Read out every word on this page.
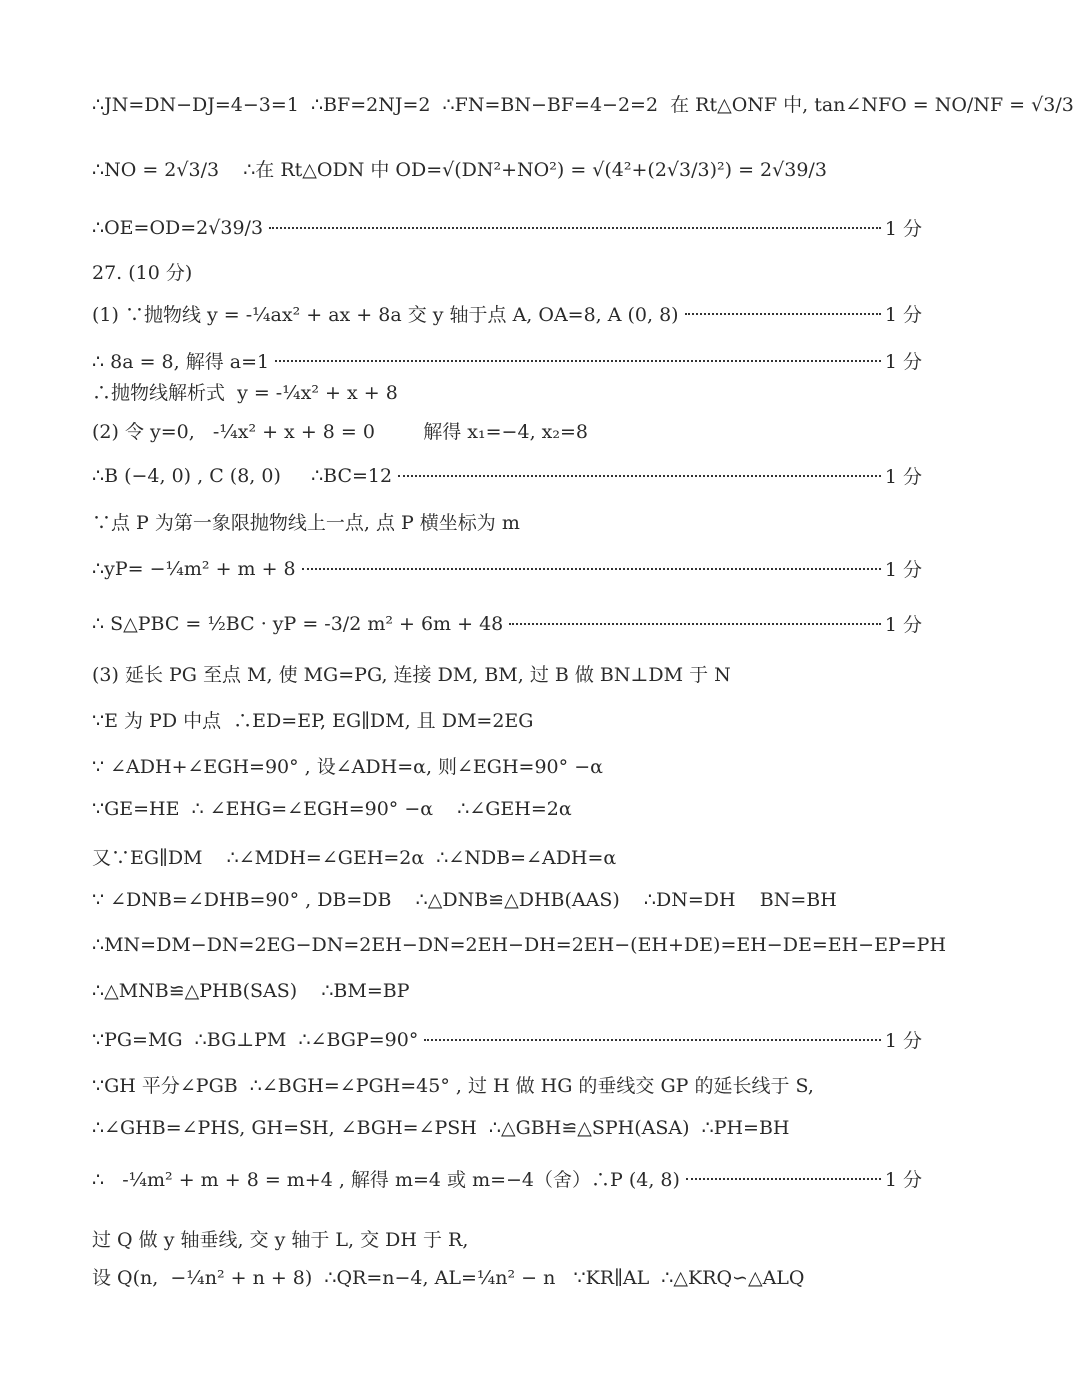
∴JN=DN−DJ=4−3=1  ∴BF=2NJ=2  ∴FN=BN−BF=4−2=2  在 Rt△ONF 中, tan∠NFO = NO/NF = √3/3
∴NO = 2√3/3    ∴在 Rt△ODN 中 OD=√(DN²+NO²) = √(4²+(2√3/3)²) = 2√39/3
∴OE=OD=2√39/3	1 分
27. (10 分)
(1) ∵抛物线 y = -¼ax² + ax + 8a 交 y 轴于点 A, OA=8, A (0, 8)	1 分
∴ 8a = 8, 解得 a=1	1 分
∴抛物线解析式  y = -¼x² + x + 8
(2) 令 y=0,   -¼x² + x + 8 = 0        解得 x₁=−4, x₂=8
∴B (−4, 0) , C (8, 0)     ∴BC=12	1 分
∵点 P 为第一象限抛物线上一点, 点 P 横坐标为 m
∴yP= −¼m² + m + 8	1 分
∴ S△PBC = ½BC · yP = -3/2 m² + 6m + 48	1 分
(3) 延长 PG 至点 M, 使 MG=PG, 连接 DM, BM, 过 B 做 BN⊥DM 于 N
∵E 为 PD 中点  ∴ED=EP, EG∥DM, 且 DM=2EG
∵ ∠ADH+∠EGH=90° , 设∠ADH=α, 则∠EGH=90° −α
∵GE=HE  ∴ ∠EHG=∠EGH=90° −α    ∴∠GEH=2α
又∵EG∥DM    ∴∠MDH=∠GEH=2α  ∴∠NDB=∠ADH=α
∵ ∠DNB=∠DHB=90° , DB=DB    ∴△DNB≌△DHB(AAS)    ∴DN=DH    BN=BH
∴MN=DM−DN=2EG−DN=2EH−DN=2EH−DH=2EH−(EH+DE)=EH−DE=EH−EP=PH
∴△MNB≌△PHB(SAS)    ∴BM=BP
∵PG=MG  ∴BG⊥PM  ∴∠BGP=90°	1 分
∵GH 平分∠PGB  ∴∠BGH=∠PGH=45° , 过 H 做 HG 的垂线交 GP 的延长线于 S,
∴∠GHB=∠PHS, GH=SH, ∠BGH=∠PSH  ∴△GBH≌△SPH(ASA)  ∴PH=BH
∴   -¼m² + m + 8 = m+4 , 解得 m=4 或 m=−4（舍）∴P (4, 8)	1 分
过 Q 做 y 轴垂线, 交 y 轴于 L, 交 DH 于 R,
设 Q(n,  −¼n² + n + 8)  ∴QR=n−4, AL=¼n² − n   ∵KR∥AL  ∴△KRQ∽△ALQ
